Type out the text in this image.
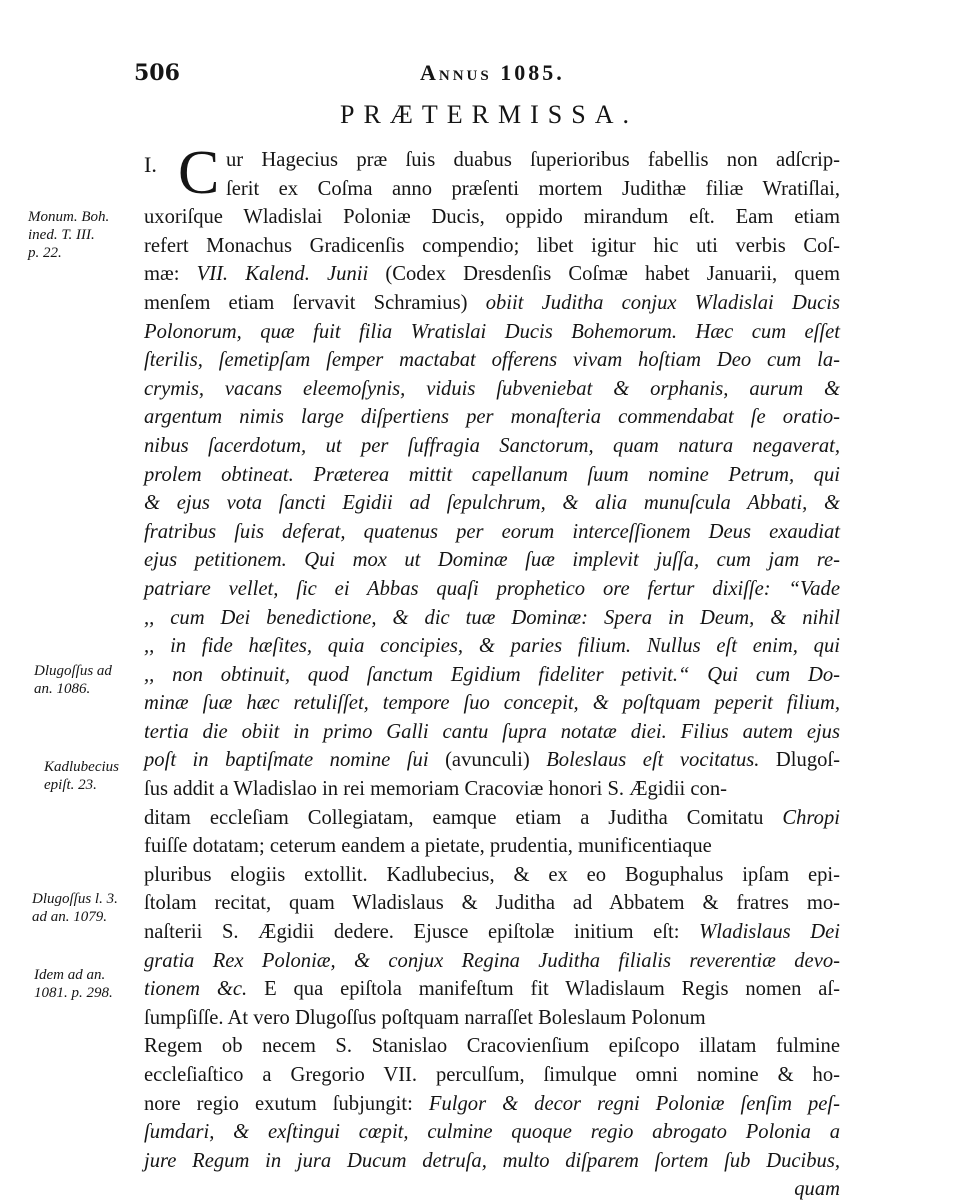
506	Annus 1085.
PRÆTERMISSA.
I. C ur Hagecius præ ſuis duabus ſuperioribus fabellis non adſcrip-
ſerit ex Coſma anno præſenti mortem Judithæ filiæ Wratiſlai,
uxoriſque Wladislai Poloniæ Ducis, oppido mirandum eſt. Eam etiam
refert Monachus Gradicenſis compendio; libet igitur hic uti verbis Coſ-
mæ: VII. Kalend. Junii (Codex Dresdenſis Coſmæ habet Januarii, quem
menſem etiam ſervavit Schramius) obiit Juditha conjux Wladislai Ducis
Polonorum, quæ fuit filia Wratislai Ducis Bohemorum. Hæc cum eſſet
ſterilis, ſemetipſam ſemper mactabat offerens vivam hoſtiam Deo cum la-
crymis, vacans eleemoſynis, viduis ſubveniebat & orphanis, aurum &
argentum nimis large diſpertiens per monaſteria commendabat ſe oratio-
nibus ſacerdotum, ut per ſuffragia Sanctorum, quam natura negaverat,
prolem obtineat. Præterea mittit capellanum ſuum nomine Petrum, qui
& ejus vota ſancti Egidii ad ſepulchrum, & alia munuſcula Abbati, &
fratribus ſuis deferat, quatenus per eorum interceſſionem Deus exaudiat
ejus petitionem. Qui mox ut Dominæ ſuæ implevit juſſa, cum jam re-
patriare vellet, ſic ei Abbas quaſi prophetico ore fertur dixiſſe: “Vade
,, cum Dei benedictione, & dic tuæ Dominæ: Spera in Deum, & nihil
,, in fide hæſites, quia concipies, & paries filium. Nullus eſt enim, qui
,, non obtinuit, quod ſanctum Egidium fideliter petivit.“ Qui cum Do-
minæ ſuæ hæc retuliſſet, tempore ſuo concepit, & poſtquam peperit filium,
tertia die obiit in primo Galli cantu ſupra notatæ diei. Filius autem ejus
poſt in baptiſmate nomine ſui (avunculi) Boleslaus eſt vocitatus. Dlugoſ-
ſus addit a Wladislao in rei memoriam Cracoviæ honori S. Ægidii con-
ditam eccleſiam Collegiatam, eamque etiam a Juditha Comitatu Chropi
fuiſſe dotatam; ceterum eandem a pietate, prudentia, munificentiaque
pluribus elogiis extollit. Kadlubecius, & ex eo Boguphalus ipſam epi-
ſtolam recitat, quam Wladislaus & Juditha ad Abbatem & fratres mo-
naſterii S. Ægidii dedere. Ejusce epiſtolæ initium eſt: Wladislaus Dei
gratia Rex Poloniæ, & conjux Regina Juditha filialis reverentiæ devo-
tionem &c. E qua epiſtola manifeſtum fit Wladislaum Regis nomen aſ-
ſumpſiſſe. At vero Dlugoſſus poſtquam narraſſet Boleslaum Polonum
Regem ob necem S. Stanislao Cracovienſium epiſcopo illatam fulmine
eccleſiaſtico a Gregorio VII. perculſum, ſimulque omni nomine & ho-
nore regio exutum ſubjungit: Fulgor & decor regni Poloniæ ſenſim peſ-
ſumdari, & exſtingui cœpit, culmine quoque regio abrogato Polonia a
jure Regum in jura Ducum detruſa, multo diſparem ſortem ſub Ducibus,
quam
Monum. Boh.
ined. T. III.
p. 22.
Dlugoſſus ad
an. 1086.
Kadlubecius
epiſt. 23.
Dlugoſſus l. 3.
ad an. 1079.
Idem ad an.
1081. p. 298.
